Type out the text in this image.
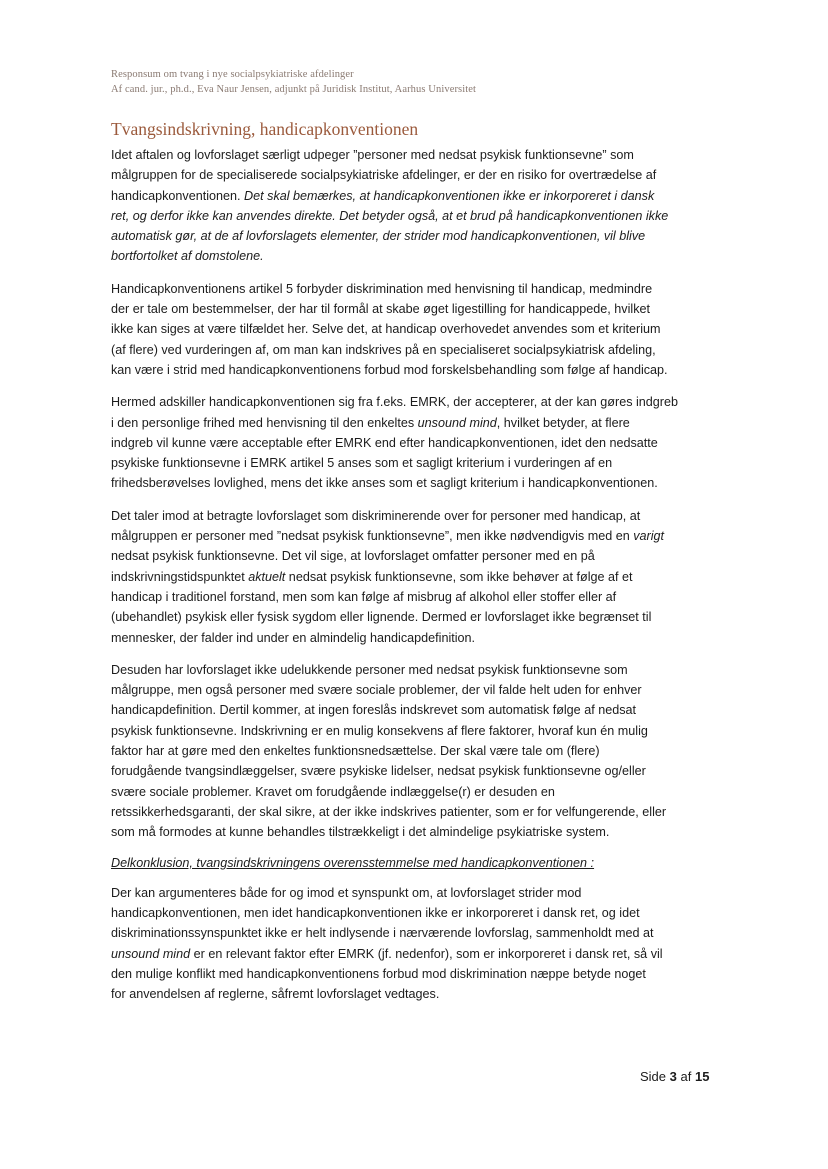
Responsum om tvang i nye socialpsykiatriske afdelinger
Af cand. jur., ph.d., Eva Naur Jensen, adjunkt på Juridisk Institut, Aarhus Universitet
Tvangsindskrivning, handicapkonventionen
Idet aftalen og lovforslaget særligt udpeger ”personer med nedsat psykisk funktionsevne” som
målgruppen for de specialiserede socialpsykiatriske afdelinger, er der en risiko for overtrædelse af
handicapkonventionen. Det skal bemærkes, at handicapkonventionen ikke er inkorporeret i dansk
ret, og derfor ikke kan anvendes direkte. Det betyder også, at et brud på handicapkonventionen ikke
automatisk gør, at de af lovforslagets elementer, der strider mod handicapkonventionen, vil blive
bortfortolket af domstolene.
Handicapkonventionens artikel 5 forbyder diskrimination med henvisning til handicap, medmindre
der er tale om bestemmelser, der har til formål at skabe øget ligestilling for handicappede, hvilket
ikke kan siges at være tilfældet her. Selve det, at handicap overhovedet anvendes som et kriterium
(af flere) ved vurderingen af, om man kan indskrives på en specialiseret socialpsykiatrisk afdeling,
kan være i strid med handicapkonventionens forbud mod forskelsbehandling som følge af handicap.
Hermed adskiller handicapkonventionen sig fra f.eks. EMRK, der accepterer, at der kan gøres indgreb
i den personlige frihed med henvisning til den enkeltes unsound mind, hvilket betyder, at flere
indgreb vil kunne være acceptable efter EMRK end efter handicapkonventionen, idet den nedsatte
psykiske funktionsevne i EMRK artikel 5 anses som et sagligt kriterium i vurderingen af en
frihedsberøvelses lovlighed, mens det ikke anses som et sagligt kriterium i handicapkonventionen.
Det taler imod at betragte lovforslaget som diskriminerende over for personer med handicap, at
målgruppen er personer med ”nedsat psykisk funktionsevne”, men ikke nødvendigvis med en varigt
nedsat psykisk funktionsevne. Det vil sige, at lovforslaget omfatter personer med en på
indskrivningstidspunktet aktuelt nedsat psykisk funktionsevne, som ikke behøver at følge af et
handicap i traditionel forstand, men som kan følge af misbrug af alkohol eller stoffer eller af
(ubehandlet) psykisk eller fysisk sygdom eller lignende. Dermed er lovforslaget ikke begrænset til
mennesker, der falder ind under en almindelig handicapdefinition.
Desuden har lovforslaget ikke udelukkende personer med nedsat psykisk funktionsevne som
målgruppe, men også personer med svære sociale problemer, der vil falde helt uden for enhver
handicapdefinition. Dertil kommer, at ingen foreslås indskrevet som automatisk følge af nedsat
psykisk funktionsevne. Indskrivning er en mulig konsekvens af flere faktorer, hvoraf kun én mulig
faktor har at gøre med den enkeltes funktionsnedsættelse. Der skal være tale om (flere)
forudgående tvangsindlæggelser, svære psykiske lidelser, nedsat psykisk funktionsevne og/eller
svære sociale problemer. Kravet om forudgående indlæggelse(r) er desuden en
retssikkerhedsgaranti, der skal sikre, at der ikke indskrives patienter, som er for velfungerende, eller
som må formodes at kunne behandles tilstrækkeligt i det almindelige psykiatriske system.
Delkonklusion, tvangsindskrivningens overensstemmelse med handicapkonventionen :
Der kan argumenteres både for og imod et synspunkt om, at lovforslaget strider mod
handicapkonventionen, men idet handicapkonventionen ikke er inkorporeret i dansk ret, og idet
diskriminationssynspunktet ikke er helt indlysende i nærværende lovforslag, sammenholdt med at
unsound mind er en relevant faktor efter EMRK (jf. nedenfor), som er inkorporeret i dansk ret, så vil
den mulige konflikt med handicapkonventionens forbud mod diskrimination næppe betyde noget
for anvendelsen af reglerne, såfremt lovforslaget vedtages.
Side 3 af 15
